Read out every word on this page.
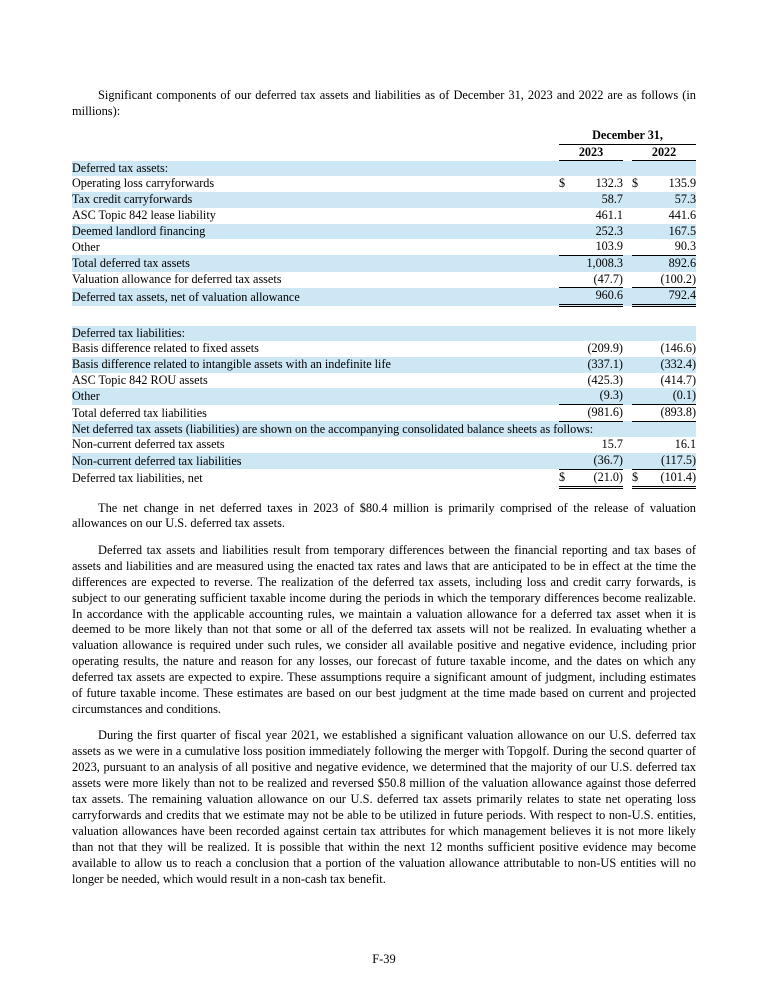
Significant components of our deferred tax assets and liabilities as of December 31, 2023 and 2022 are as follows (in millions):

	December 31,				
	2023			2022	
Deferred tax assets:					
Operating loss carryforwards	$	132.3		$	135.9
Tax credit carryforwards		58.7			57.3
ASC Topic 842 lease liability		461.1			441.6
Deemed landlord financing		252.3			167.5
Other		103.9			90.3
Total deferred tax assets		1,008.3			892.6
Valuation allowance for deferred tax assets		(47.7)			(100.2)
Deferred tax assets, net of valuation allowance		960.6			792.4

Deferred tax liabilities:					
Basis difference related to fixed assets		(209.9)			(146.6)
Basis difference related to intangible assets with an indefinite life		(337.1)			(332.4)
ASC Topic 842 ROU assets		(425.3)			(414.7)
Other		(9.3)			(0.1)
Total deferred tax liabilities		(981.6)			(893.8)
Net deferred tax assets (liabilities) are shown on the accompanying consolidated balance sheets as follows:					
Non-current deferred tax assets		15.7			16.1
Non-current deferred tax liabilities		(36.7)			(117.5)
Deferred tax liabilities, net	$	(21.0)		$	(101.4)

The net change in net deferred taxes in 2023 of $80.4 million is primarily comprised of the release of valuation allowances on our U.S. deferred tax assets.

Deferred tax assets and liabilities result from temporary differences between the financial reporting and tax bases of assets and liabilities and are measured using the enacted tax rates and laws that are anticipated to be in effect at the time the differences are expected to reverse. The realization of the deferred tax assets, including loss and credit carry forwards, is subject to our generating sufficient taxable income during the periods in which the temporary differences become realizable. In accordance with the applicable accounting rules, we maintain a valuation allowance for a deferred tax asset when it is deemed to be more likely than not that some or all of the deferred tax assets will not be realized. In evaluating whether a valuation allowance is required under such rules, we consider all available positive and negative evidence, including prior operating results, the nature and reason for any losses, our forecast of future taxable income, and the dates on which any deferred tax assets are expected to expire. These assumptions require a significant amount of judgment, including estimates of future taxable income. These estimates are based on our best judgment at the time made based on current and projected circumstances and conditions.

During the first quarter of fiscal year 2021, we established a significant valuation allowance on our U.S. deferred tax assets as we were in a cumulative loss position immediately following the merger with Topgolf. During the second quarter of 2023, pursuant to an analysis of all positive and negative evidence, we determined that the majority of our U.S. deferred tax assets were more likely than not to be realized and reversed $50.8 million of the valuation allowance against those deferred tax assets. The remaining valuation allowance on our U.S. deferred tax assets primarily relates to state net operating loss carryforwards and credits that we estimate may not be able to be utilized in future periods. With respect to non-U.S. entities, valuation allowances have been recorded against certain tax attributes for which management believes it is not more likely than not that they will be realized. It is possible that within the next 12 months sufficient positive evidence may become available to allow us to reach a conclusion that a portion of the valuation allowance attributable to non-US entities will no longer be needed, which would result in a non-cash tax benefit.

F-39
